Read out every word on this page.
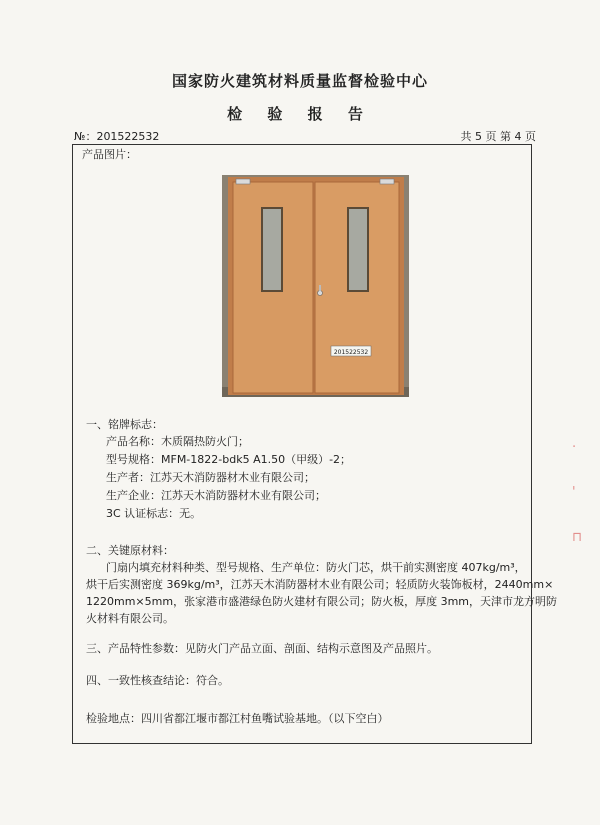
国家防火建筑材料质量监督检验中心
检 验 报 告
№：201522532	共 5 页 第 4 页
产品图片：
201522532
一、铭牌标志：
产品名称：木质隔热防火门；
型号规格：MFM-1822-bdk5 A1.50（甲级）-2；
生产者：江苏天木消防器材木业有限公司；
生产企业：江苏天木消防器材木业有限公司；
3C 认证标志：无。
二、关键原材料：
门扇内填充材料种类、型号规格、生产单位：防火门芯，烘干前实测密度 407kg/m³，
烘干后实测密度 369kg/m³，江苏天木消防器材木业有限公司；轻质防火装饰板材，2440mm×
1220mm×5mm，张家港市盛港绿色防火建材有限公司；防火板，厚度 3mm，天津市龙方明防
火材料有限公司。
三、产品特性参数：见防火门产品立面、剖面、结构示意图及产品照片。
四、一致性核查结论：符合。
检验地点：四川省都江堰市都江村鱼嘴试验基地。（以下空白）
‧
'
⊓
